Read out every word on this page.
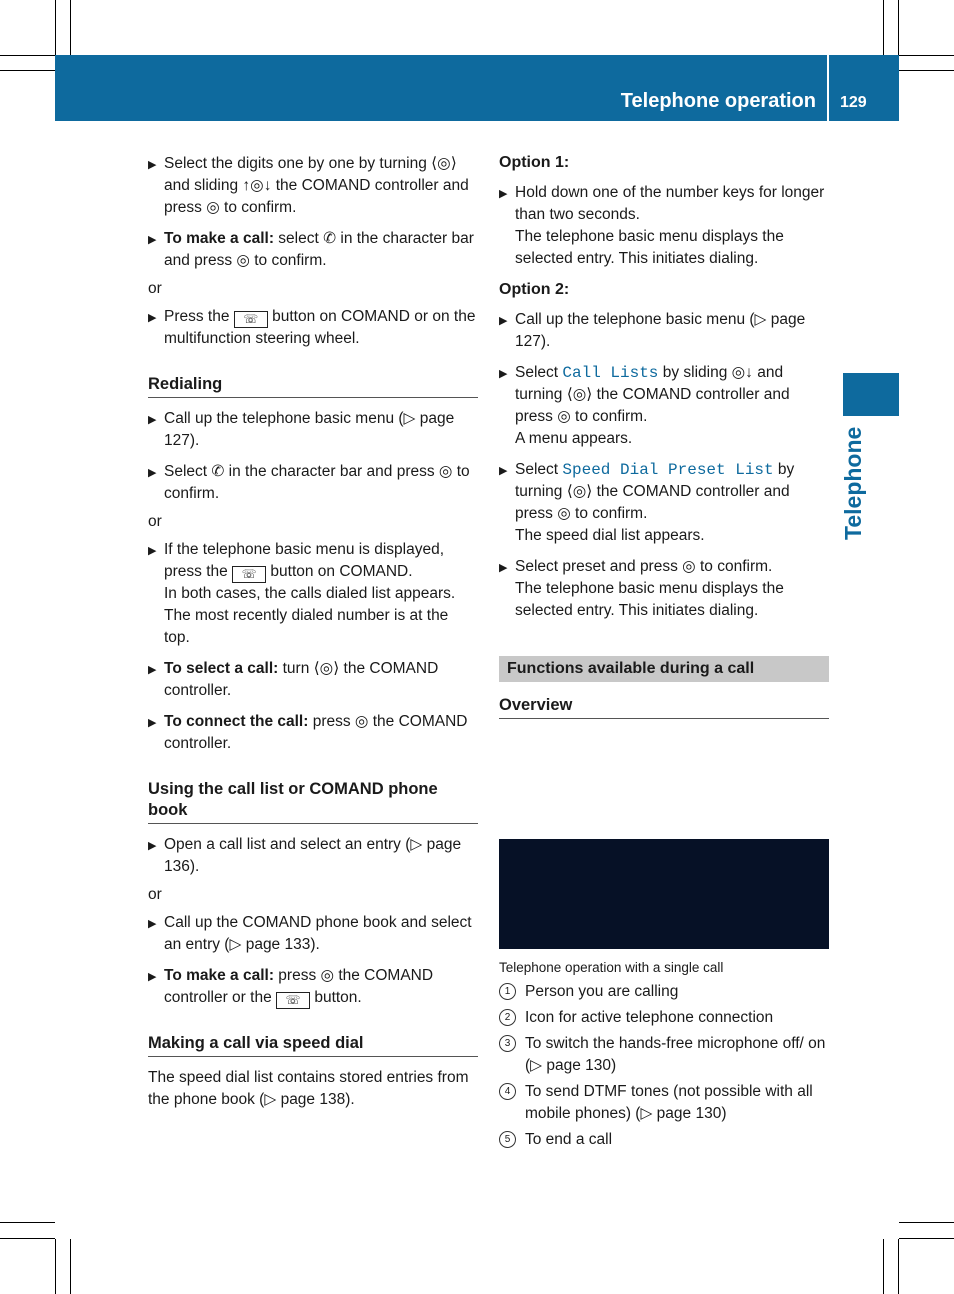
Telephone operation 129
Telephone
▶ Select the digits one by one by turning ⟨◎⟩ and sliding ↑◎↓ the COMAND controller and press ◎ to confirm.
▶ To make a call: select ✆ in the character bar and press ◎ to confirm.
or
▶ Press the ☏ button on COMAND or on the multifunction steering wheel.
Redialing
▶ Call up the telephone basic menu (▷ page 127).
▶ Select ✆ in the character bar and press ◎ to confirm.
or
▶ If the telephone basic menu is displayed, press the ☏ button on COMAND.
In both cases, the calls dialed list appears. The most recently dialed number is at the top.
▶ To select a call: turn ⟨◎⟩ the COMAND controller.
▶ To connect the call: press ◎ the COMAND controller.
Using the call list or COMAND phone book
▶ Open a call list and select an entry (▷ page 136).
or
▶ Call up the COMAND phone book and select an entry (▷ page 133).
▶ To make a call: press ◎ the COMAND controller or the ☏ button.
Making a call via speed dial
The speed dial list contains stored entries from the phone book (▷ page 138).
Option 1:
▶ Hold down one of the number keys for longer than two seconds.
The telephone basic menu displays the selected entry. This initiates dialing.
Option 2:
▶ Call up the telephone basic menu (▷ page 127).
▶ Select Call Lists by sliding ◎↓ and turning ⟨◎⟩ the COMAND controller and press ◎ to confirm.
A menu appears.
▶ Select Speed Dial Preset List by turning ⟨◎⟩ the COMAND controller and press ◎ to confirm.
The speed dial list appears.
▶ Select preset and press ◎ to confirm.
The telephone basic menu displays the selected entry. This initiates dialing.
Functions available during a call
Overview
Telephone operation with a single call
1 Person you are calling
2 Icon for active telephone connection
3 To switch the hands-free microphone off/ on (▷ page 130)
4 To send DTMF tones (not possible with all mobile phones) (▷ page 130)
5 To end a call
